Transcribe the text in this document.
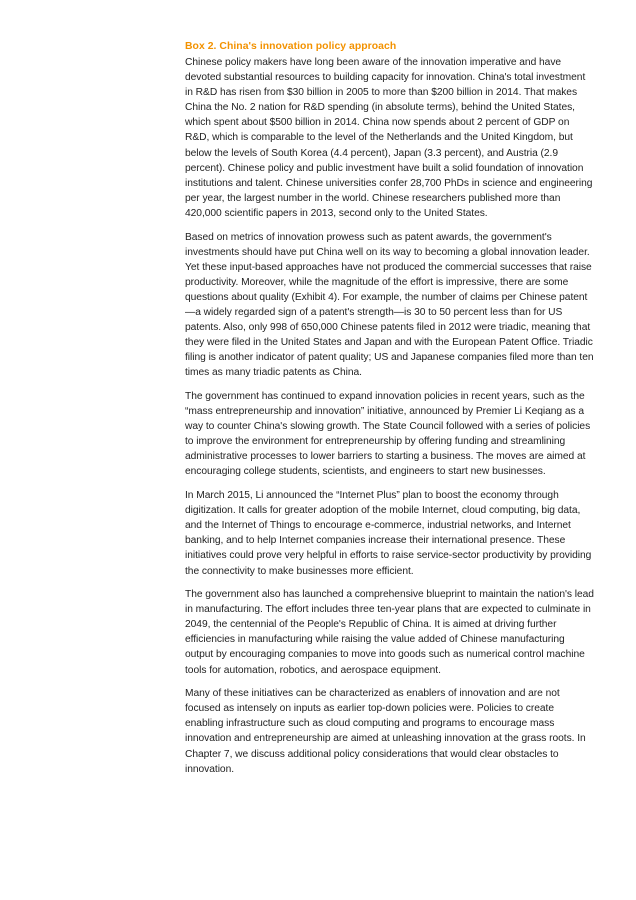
Box 2. China's innovation policy approach

Chinese policy makers have long been aware of the innovation imperative and have devoted substantial resources to building capacity for innovation. China's total investment in R&D has risen from $30 billion in 2005 to more than $200 billion in 2014. That makes China the No. 2 nation for R&D spending (in absolute terms), behind the United States, which spent about $500 billion in 2014. China now spends about 2 percent of GDP on R&D, which is comparable to the level of the Netherlands and the United Kingdom, but below the levels of South Korea (4.4 percent), Japan (3.3 percent), and Austria (2.9 percent). Chinese policy and public investment have built a solid foundation of innovation institutions and talent. Chinese universities confer 28,700 PhDs in science and engineering per year, the largest number in the world. Chinese researchers published more than 420,000 scientific papers in 2013, second only to the United States.

Based on metrics of innovation prowess such as patent awards, the government's investments should have put China well on its way to becoming a global innovation leader. Yet these input-based approaches have not produced the commercial successes that raise productivity. Moreover, while the magnitude of the effort is impressive, there are some questions about quality (Exhibit 4). For example, the number of claims per Chinese patent—a widely regarded sign of a patent's strength—is 30 to 50 percent less than for US patents. Also, only 998 of 650,000 Chinese patents filed in 2012 were triadic, meaning that they were filed in the United States and Japan and with the European Patent Office. Triadic filing is another indicator of patent quality; US and Japanese companies filed more than ten times as many triadic patents as China.

The government has continued to expand innovation policies in recent years, such as the “mass entrepreneurship and innovation” initiative, announced by Premier Li Keqiang as a way to counter China's slowing growth. The State Council followed with a series of policies to improve the environment for entrepreneurship by offering funding and streamlining administrative processes to lower barriers to starting a business. The moves are aimed at encouraging college students, scientists, and engineers to start new businesses.

In March 2015, Li announced the “Internet Plus” plan to boost the economy through digitization. It calls for greater adoption of the mobile Internet, cloud computing, big data, and the Internet of Things to encourage e-commerce, industrial networks, and Internet banking, and to help Internet companies increase their international presence. These initiatives could prove very helpful in efforts to raise service-sector productivity by providing the connectivity to make businesses more efficient.

The government also has launched a comprehensive blueprint to maintain the nation's lead in manufacturing. The effort includes three ten-year plans that are expected to culminate in 2049, the centennial of the People's Republic of China. It is aimed at driving further efficiencies in manufacturing while raising the value added of Chinese manufacturing output by encouraging companies to move into goods such as numerical control machine tools for automation, robotics, and aerospace equipment.

Many of these initiatives can be characterized as enablers of innovation and are not focused as intensely on inputs as earlier top-down policies were. Policies to create enabling infrastructure such as cloud computing and programs to encourage mass innovation and entrepreneurship are aimed at unleashing innovation at the grass roots. In Chapter 7, we discuss additional policy considerations that would clear obstacles to innovation.
